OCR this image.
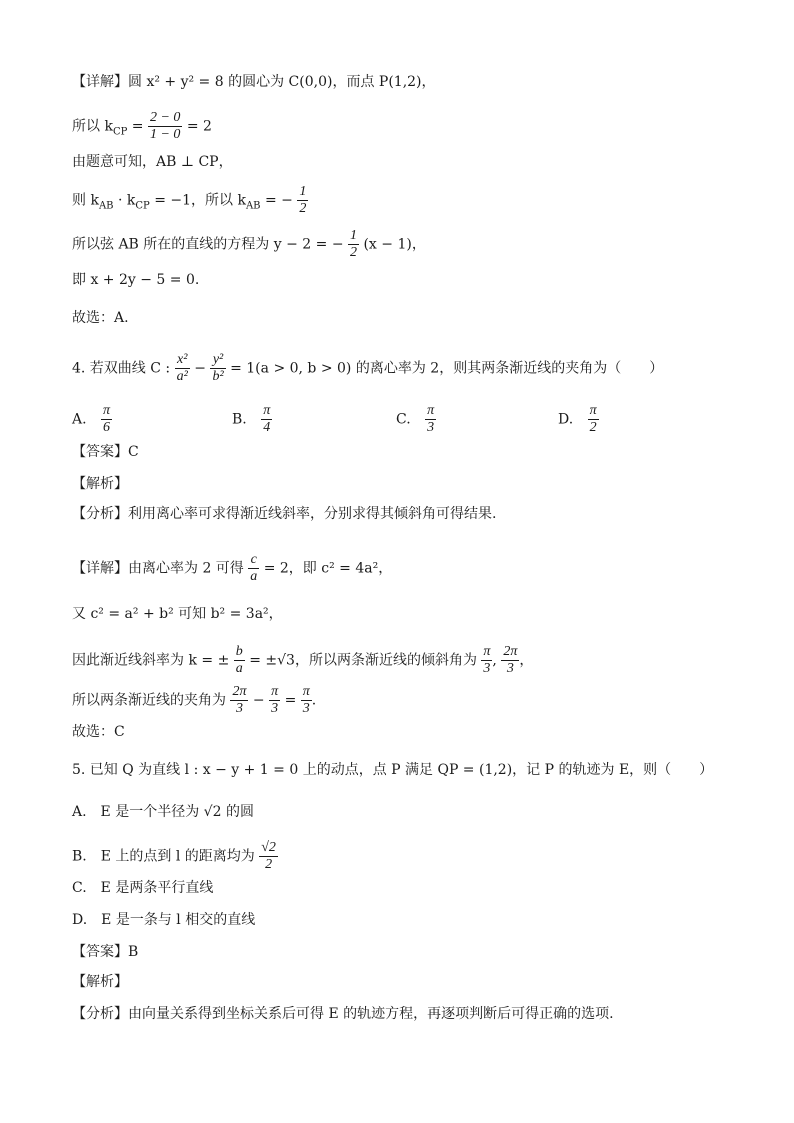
【详解】圆 x² + y² = 8 的圆心为 C(0,0)，而点 P(1,2)，
所以 $k_{CP} = \frac{2 - 0}{1 - 0} = 2$
由题意可知，AB ⊥ CP，
则 $k_{AB} \cdot k_{CP} = -1$，所以 $k_{AB}$ = − $\frac{1}{2}$
所以弦 AB 所在的直线的方程为 y − 2 = − $\frac{1}{2} (x - 1)$，
即 x + 2y − 5 = 0.
故选：A.
4. 若双曲线 C : $\frac{\text{x²}}{\text{a²}} - \frac{\text{y²}}{\text{b²}} = 1(a > 0$, b > 0) 的离心率为 2，则其两条渐近线的夹角为（　　）
A. $\frac{\pi}{6}$	B. $\frac{\pi}{4}$	C. $\frac{\pi}{3}$	D. $\frac{\pi}{2}$
【答案】C
【解析】
【分析】利用离心率可求得渐近线斜率，分别求得其倾斜角可得结果.
【详解】由离心率为 2 可得 $\frac{c}{a} = 2$，即 c² = 4a²，
又 c² = a² + b² 可知 b² = 3a²，
因此渐近线斜率为 k = ± $\frac{b}{a} = \pm√3$，所以两条渐近线的倾斜角为 $\frac{\pi}{3}$ , $\frac{2\pi}{3}$ ，
所以两条渐近线的夹角为 $\frac{2\pi}{3} - \frac{\pi}{3} = \frac{\pi}{3}$ .
故选：C
5. 已知 Q 为直线 l : x − y + 1 = 0 上的动点，点 P 满足 QP = (1,2)，记 P 的轨迹为 E，则（　　）
A.　E 是一个半径为 √2 的圆
B.　E 上的点到 l 的距离均为 $\frac{√2}{2}$
C.　E 是两条平行直线
D.　E 是一条与 l 相交的直线
【答案】B
【解析】
【分析】由向量关系得到坐标关系后可得 E 的轨迹方程，再逐项判断后可得正确的选项.
